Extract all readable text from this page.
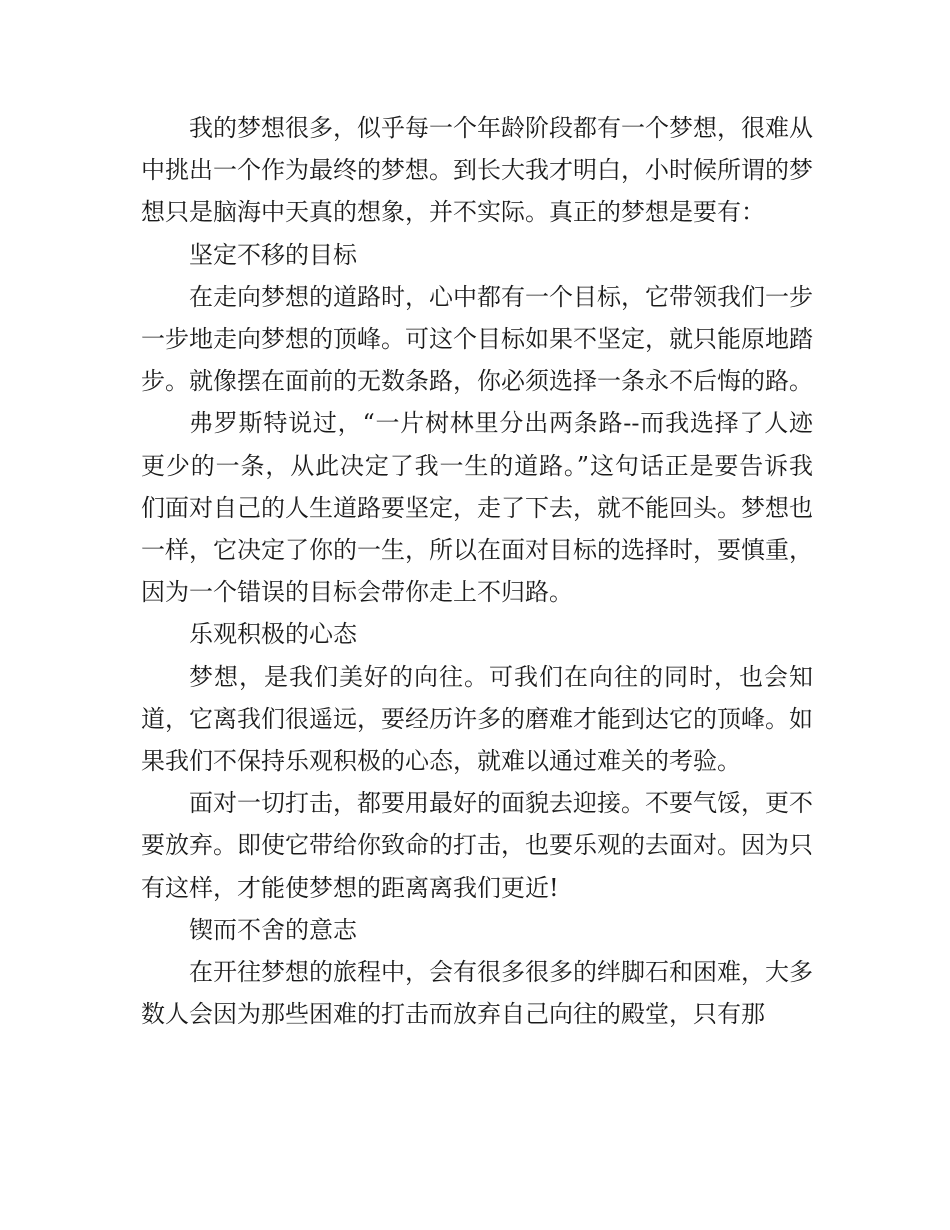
我的梦想很多，似乎每一个年龄阶段都有一个梦想，很难从中挑出一个作为最终的梦想。到长大我才明白，小时候所谓的梦想只是脑海中天真的想象，并不实际。真正的梦想是要有：

坚定不移的目标

在走向梦想的道路时，心中都有一个目标，它带领我们一步一步地走向梦想的顶峰。可这个目标如果不坚定，就只能原地踏步。就像摆在面前的无数条路，你必须选择一条永不后悔的路。

弗罗斯特说过，“一片树林里分出两条路--而我选择了人迹更少的一条，从此决定了我一生的道路。”这句话正是要告诉我们面对自己的人生道路要坚定，走了下去，就不能回头。梦想也一样，它决定了你的一生，所以在面对目标的选择时，要慎重，因为一个错误的目标会带你走上不归路。

乐观积极的心态

梦想，是我们美好的向往。可我们在向往的同时，也会知道，它离我们很遥远，要经历许多的磨难才能到达它的顶峰。如果我们不保持乐观积极的心态，就难以通过难关的考验。

面对一切打击，都要用最好的面貌去迎接。不要气馁，更不要放弃。即使它带给你致命的打击，也要乐观的去面对。因为只有这样，才能使梦想的距离离我们更近!

锲而不舍的意志

在开往梦想的旅程中，会有很多很多的绊脚石和困难，大多数人会因为那些困难的打击而放弃自己向往的殿堂，只有那
